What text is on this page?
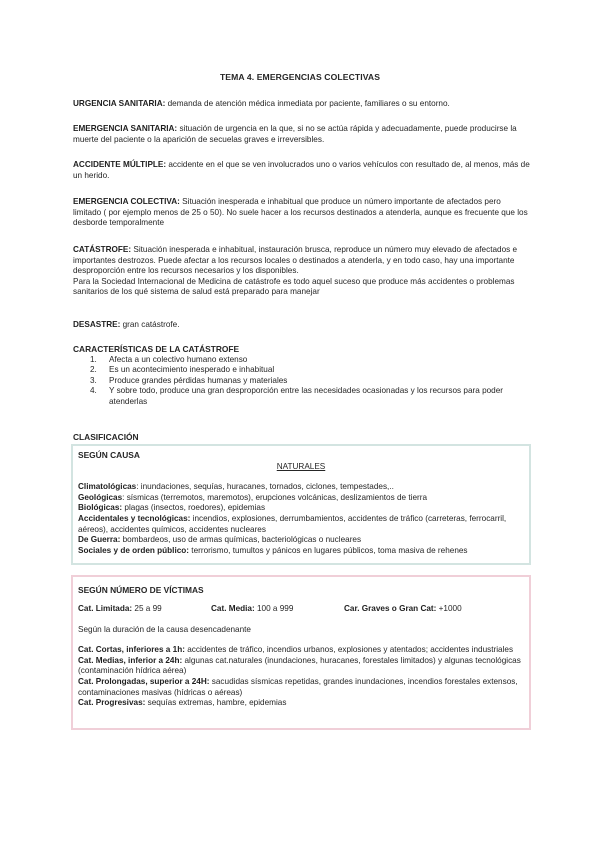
TEMA 4. EMERGENCIAS COLECTIVAS

URGENCIA SANITARIA: demanda de atención médica inmediata por paciente, familiares o su entorno.

EMERGENCIA SANITARIA: situación de urgencia en la que, si no se actúa rápida y adecuadamente, puede producirse la muerte del paciente o la aparición de secuelas graves e irreversibles.

ACCIDENTE MÚLTIPLE: accidente en el que se ven involucrados uno o varios vehículos con resultado de, al menos, más de un herido.

EMERGENCIA COLECTIVA: Situación inesperada e inhabitual que produce un número importante de afectados pero limitado ( por ejemplo menos de 25 o 50). No suele hacer a los recursos destinados a atenderla, aunque es frecuente que los desborde temporalmente

CATÁSTROFE: Situación inesperada e inhabitual, instauración brusca, reproduce un número muy elevado de afectados e importantes destrozos. Puede afectar a los recursos locales o destinados a atenderla, y en todo caso, hay una importante desproporción entre los recursos necesarios y los disponibles.

Para la Sociedad Internacional de Medicina de catástrofe es todo aquel suceso que produce más accidentes o problemas sanitarios de los qué sistema de salud está preparado para manejar

DESASTRE: gran catástrofe.

CARACTERÍSTICAS DE LA CATÁSTROFE

1. Afecta a un colectivo humano extenso
2. Es un acontecimiento inesperado e inhabitual
3. Produce grandes pérdidas humanas y materiales
4. Y sobre todo, produce una gran desproporción entre las necesidades ocasionadas y los recursos para poder atenderlas

CLASIFICACIÓN

SEGÚN CAUSA

NATURALES

Climatológicas: inundaciones, sequías, huracanes, tornados, ciclones, tempestades,..

Geológicas: sísmicas (terremotos, maremotos), erupciones volcánicas, deslizamientos de tierra

Biológicas: plagas (insectos, roedores), epidemias

Accidentales y tecnológicas: incendios, explosiones, derrumbamientos, accidentes de tráfico (carreteras, ferrocarril, aéreos), accidentes químicos, accidentes nucleares

De Guerra: bombardeos, uso de armas químicas, bacteriológicas o nucleares

Sociales y de orden público: terrorismo, tumultos y pánicos en lugares públicos, toma masiva de rehenes

SEGÚN NÚMERO DE VÍCTIMAS

Cat. Limitada: 25 a 99	Cat. Media: 100 a 999	Car. Graves o Gran Cat: +1000

Según la duración de la causa desencadenante

Cat. Cortas, inferiores a 1h: accidentes de tráfico, incendios urbanos, explosiones y atentados; accidentes industriales

Cat. Medias, inferior a 24h: algunas cat.naturales (inundaciones, huracanes, forestales limitados) y algunas tecnológicas (contaminación hídrica aérea)

Cat. Prolongadas, superior a 24H: sacudidas sísmicas repetidas, grandes inundaciones, incendios forestales extensos, contaminaciones masivas (hídricas o aéreas)

Cat. Progresivas: sequías extremas, hambre, epidemias
